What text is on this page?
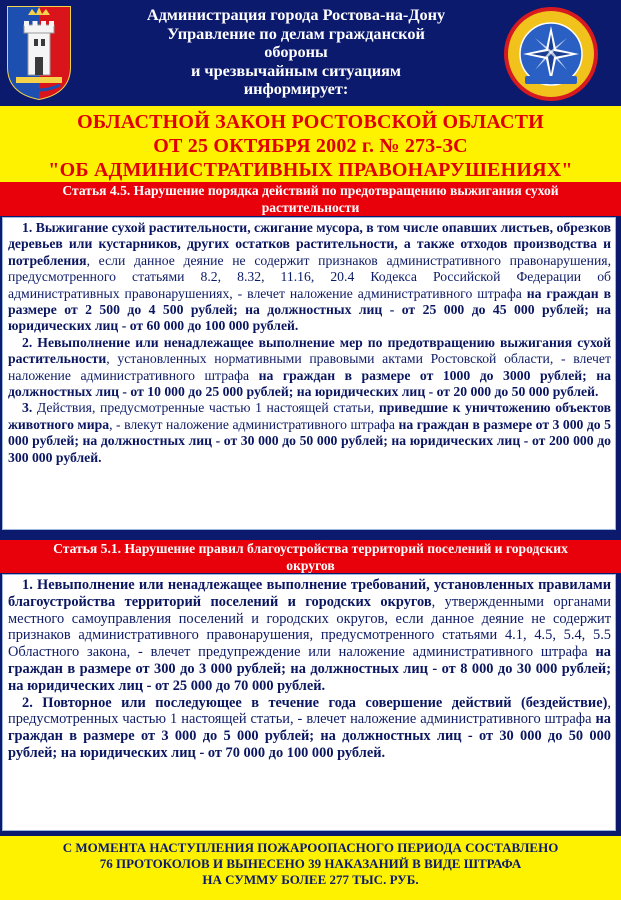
Администрация города Ростова-на-Дону
Управление по делам гражданской
обороны
и чрезвычайным ситуациям
информирует:
ОБЛАСТНОЙ ЗАКОН РОСТОВСКОЙ ОБЛАСТИ
ОТ 25 ОКТЯБРЯ 2002 г. № 273-ЗС
"ОБ АДМИНИСТРАТИВНЫХ ПРАВОНАРУШЕНИЯХ"
Статья 4.5. Нарушение порядка действий по предотвращению выжигания сухой
растительности

1. Выжигание сухой растительности, сжигание мусора, в том числе опавших листьев, обрезков деревьев или кустарников, других остатков растительности, а также отходов производства и потребления, если данное деяние не содержит признаков административного правонарушения, предусмотренного статьями 8.2, 8.32, 11.16, 20.4 Кодекса Российской Федерации об административных правонарушениях, - влечет наложение административного штрафа на граждан в размере от 2 500 до 4 500 рублей; на должностных лиц - от 25 000 до 45 000 рублей; на юридических лиц - от 60 000 до 100 000 рублей.

2. Невыполнение или ненадлежащее выполнение мер по предотвращению выжигания сухой растительности, установленных нормативными правовыми актами Ростовской области, - влечет наложение административного штрафа на граждан в размере от 1000 до 3000 рублей; на должностных лиц - от 10 000 до 25 000 рублей; на юридических лиц - от 20 000 до 50 000 рублей.

3. Действия, предусмотренные частью 1 настоящей статьи, приведшие к уничтожению объектов животного мира, - влекут наложение административного штрафа на граждан в размере от 3 000 до 5 000 рублей; на должностных лиц - от 30 000 до 50 000 рублей; на юридических лиц - от 200 000 до 300 000 рублей.

Статья 5.1. Нарушение правил благоустройства территорий поселений и городских
округов

1. Невыполнение или ненадлежащее выполнение требований, установленных правилами благоустройства территорий поселений и городских округов, утвержденными органами местного самоуправления поселений и городских округов, если данное деяние не содержит признаков административного правонарушения, предусмотренного статьями 4.1, 4.5, 5.4, 5.5 Областного закона, - влечет предупреждение или наложение административного штрафа на граждан в размере от 300 до 3 000 рублей; на должностных лиц - от 8 000 до 30 000 рублей; на юридических лиц - от 25 000 до 70 000 рублей.

2. Повторное или последующее в течение года совершение действий (бездействие), предусмотренных частью 1 настоящей статьи, - влечет наложение административного штрафа на граждан в размере от 3 000 до 5 000 рублей; на должностных лиц - от 30 000 до 50 000 рублей; на юридических лиц - от 70 000 до 100 000 рублей.

С МОМЕНТА НАСТУПЛЕНИЯ ПОЖАРООПАСНОГО ПЕРИОДА СОСТАВЛЕНО
76 ПРОТОКОЛОВ И ВЫНЕСЕНО 39 НАКАЗАНИЙ В ВИДЕ ШТРАФА
НА СУММУ БОЛЕЕ 277 ТЫС. РУБ.
